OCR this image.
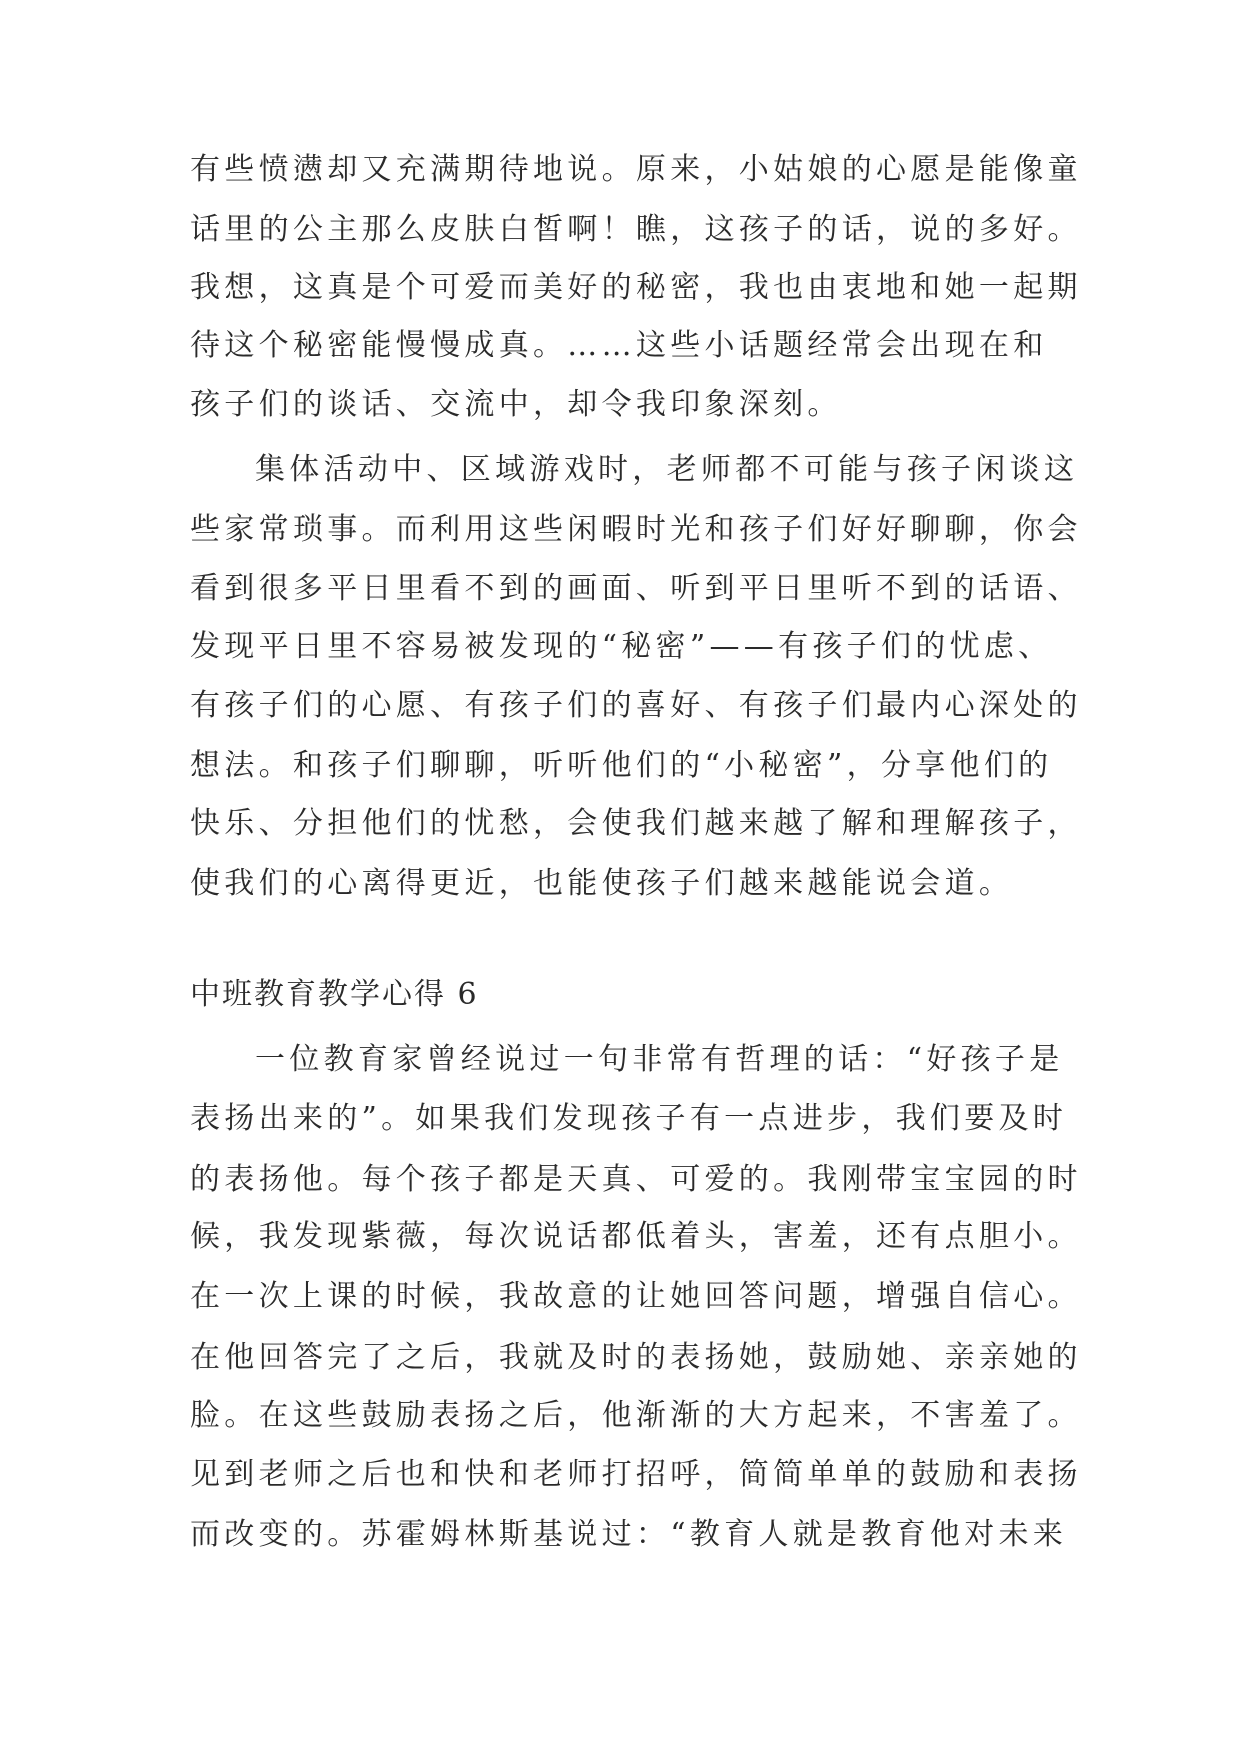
有些愤懑却又充满期待地说。原来，小姑娘的心愿是能像童
话里的公主那么皮肤白皙啊！瞧，这孩子的话，说的多好。
我想，这真是个可爱而美好的秘密，我也由衷地和她一起期
待这个秘密能慢慢成真。……这些小话题经常会出现在和
孩子们的谈话、交流中，却令我印象深刻。
集体活动中、区域游戏时，老师都不可能与孩子闲谈这
些家常琐事。而利用这些闲暇时光和孩子们好好聊聊，你会
看到很多平日里看不到的画面、听到平日里听不到的话语、
发现平日里不容易被发现的“秘密”——有孩子们的忧虑、
有孩子们的心愿、有孩子们的喜好、有孩子们最内心深处的
想法。和孩子们聊聊，听听他们的“小秘密”，分享他们的
快乐、分担他们的忧愁，会使我们越来越了解和理解孩子，
使我们的心离得更近，也能使孩子们越来越能说会道。
中班教育教学心得 6
一位教育家曾经说过一句非常有哲理的话：“好孩子是
表扬出来的”。如果我们发现孩子有一点进步，我们要及时
的表扬他。每个孩子都是天真、可爱的。我刚带宝宝园的时
候，我发现紫薇，每次说话都低着头，害羞，还有点胆小。
在一次上课的时候，我故意的让她回答问题，增强自信心。
在他回答完了之后，我就及时的表扬她，鼓励她、亲亲她的
脸。在这些鼓励表扬之后，他渐渐的大方起来，不害羞了。
见到老师之后也和快和老师打招呼，简简单单的鼓励和表扬
而改变的。苏霍姆林斯基说过：“教育人就是教育他对未来
